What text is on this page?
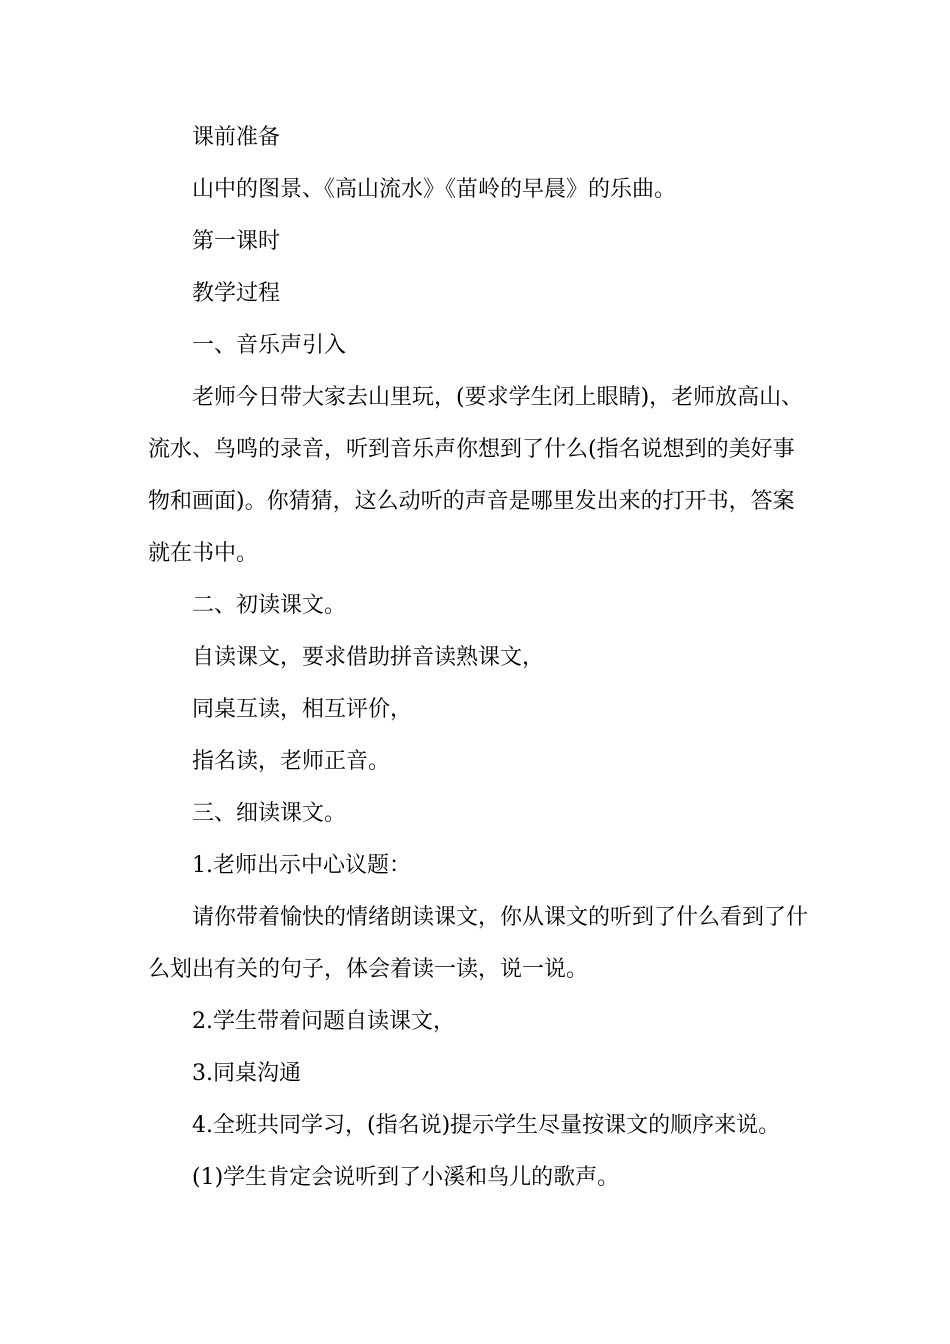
课前准备

山中的图景、《高山流水》《苗岭的早晨》的乐曲。

第一课时

教学过程

一、音乐声引入

老师今日带大家去山里玩，(要求学生闭上眼睛)，老师放高山、流水、鸟鸣的录音，听到音乐声你想到了什么(指名说想到的美好事物和画面)。你猜猜，这么动听的声音是哪里发出来的打开书，答案就在书中。

二、初读课文。

自读课文，要求借助拼音读熟课文，

同桌互读，相互评价，

指名读，老师正音。

三、细读课文。

1.老师出示中心议题：

请你带着愉快的情绪朗读课文，你从课文的听到了什么看到了什么划出有关的句子，体会着读一读，说一说。

2.学生带着问题自读课文，

3.同桌沟通

4.全班共同学习，(指名说)提示学生尽量按课文的顺序来说。

(1)学生肯定会说听到了小溪和鸟儿的歌声。
